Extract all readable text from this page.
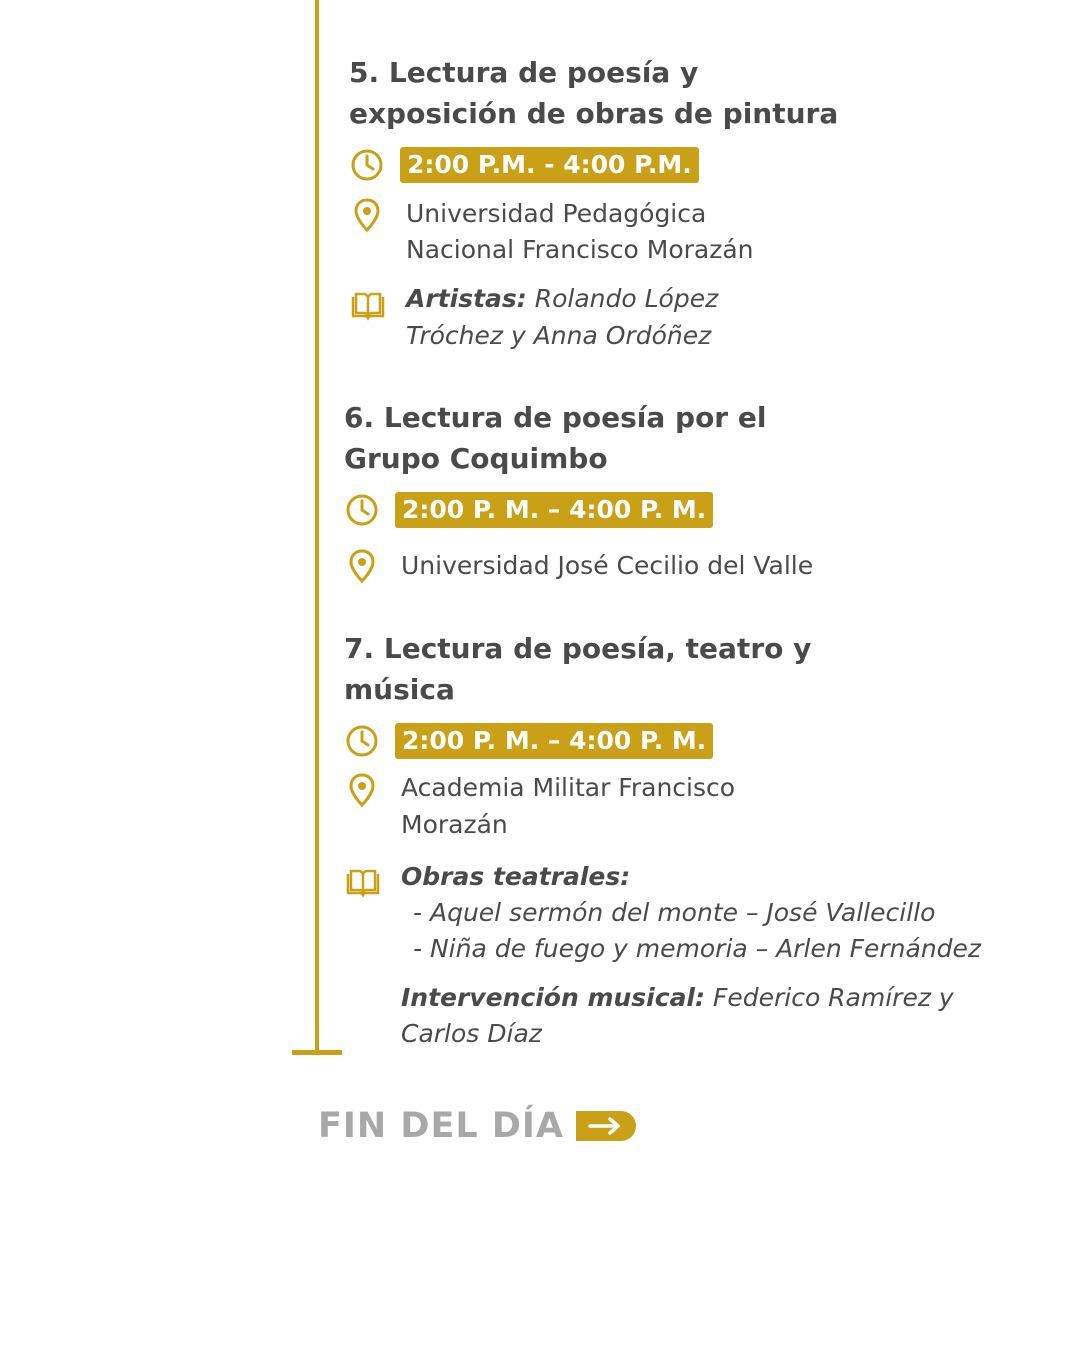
5. Lectura de poesía y

exposición de obras de pintura

2:00 P.M. - 4:00 P.M.
Universidad Pedagógica
Nacional Francisco Morazán
Artistas: Rolando López
Tróchez y Anna Ordóñez

6. Lectura de poesía por el

Grupo Coquimbo

2:00 P. M. – 4:00 P. M.
Universidad José Cecilio del Valle

7. Lectura de poesía, teatro y

música

2:00 P. M. – 4:00 P. M.
Academia Militar Francisco
Morazán
Obras teatrales:
- Aquel sermón del monte – José Vallecillo
- Niña de fuego y memoria – Arlen Fernández
Intervención musical: Federico Ramírez y
Carlos Díaz
FIN DEL DÍA
